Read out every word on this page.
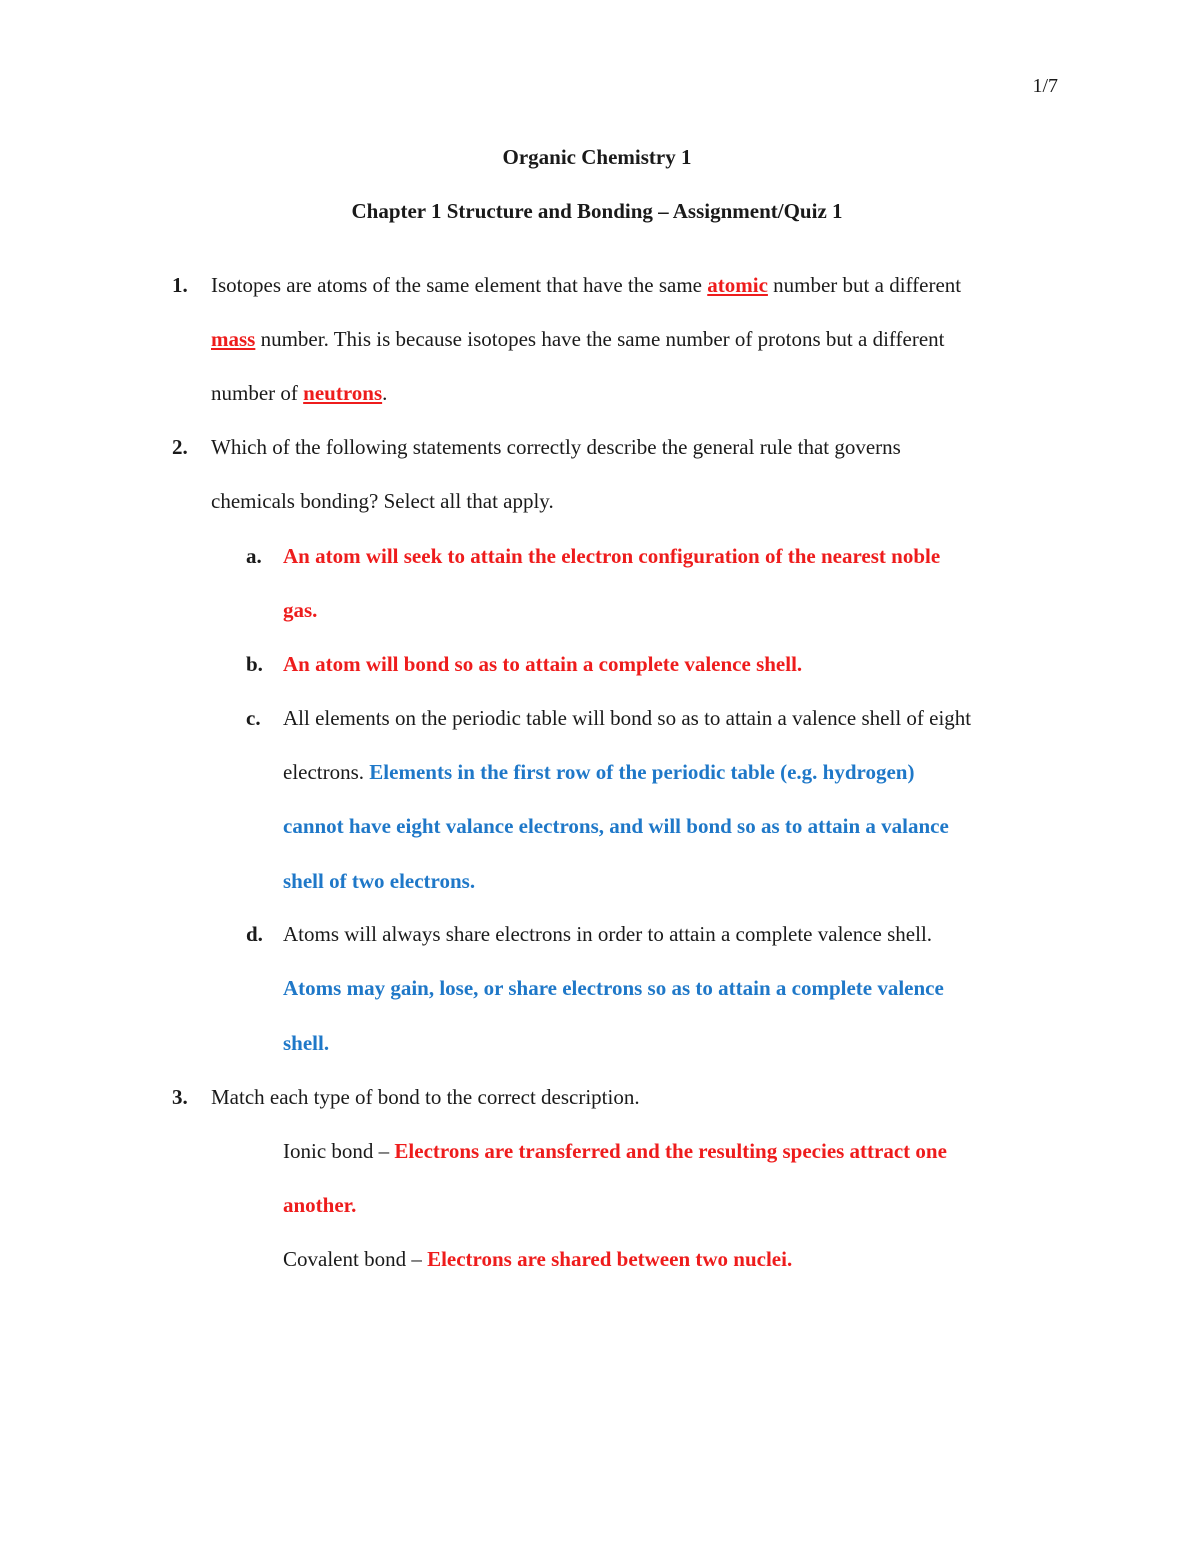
1/7
Organic Chemistry 1
Chapter 1 Structure and Bonding – Assignment/Quiz 1
1. Isotopes are atoms of the same element that have the same atomic number but a different
mass number. This is because isotopes have the same number of protons but a different
number of neutrons.
2. Which of the following statements correctly describe the general rule that governs
chemicals bonding? Select all that apply.
a. An atom will seek to attain the electron configuration of the nearest noble
gas.
b. An atom will bond so as to attain a complete valence shell.
c. All elements on the periodic table will bond so as to attain a valence shell of eight
electrons. Elements in the first row of the periodic table (e.g. hydrogen)
cannot have eight valance electrons, and will bond so as to attain a valance
shell of two electrons.
d. Atoms will always share electrons in order to attain a complete valence shell.
Atoms may gain, lose, or share electrons so as to attain a complete valence
shell.
3. Match each type of bond to the correct description.
Ionic bond – Electrons are transferred and the resulting species attract one
another.
Covalent bond – Electrons are shared between two nuclei.
